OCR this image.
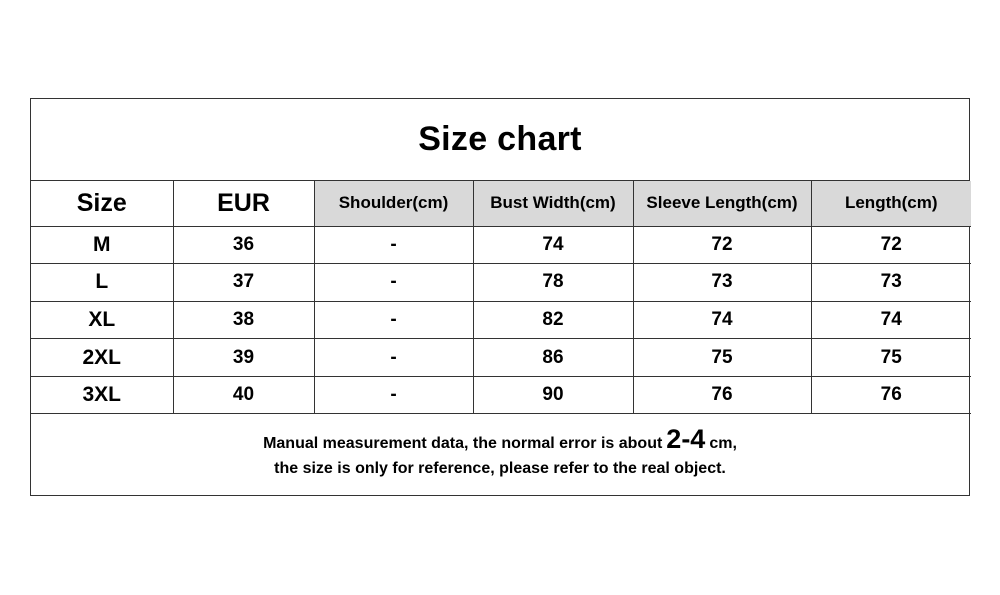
Size chart
Size	EUR	Shoulder(cm)	Bust Width(cm)	Sleeve Length(cm)	Length(cm)
M	36	-	74	72	72
L	37	-	78	73	73
XL	38	-	82	74	74
2XL	39	-	86	75	75
3XL	40	-	90	76	76
Manual measurement data, the normal error is about 2-4 cm,
the size is only for reference, please refer to the real object.
